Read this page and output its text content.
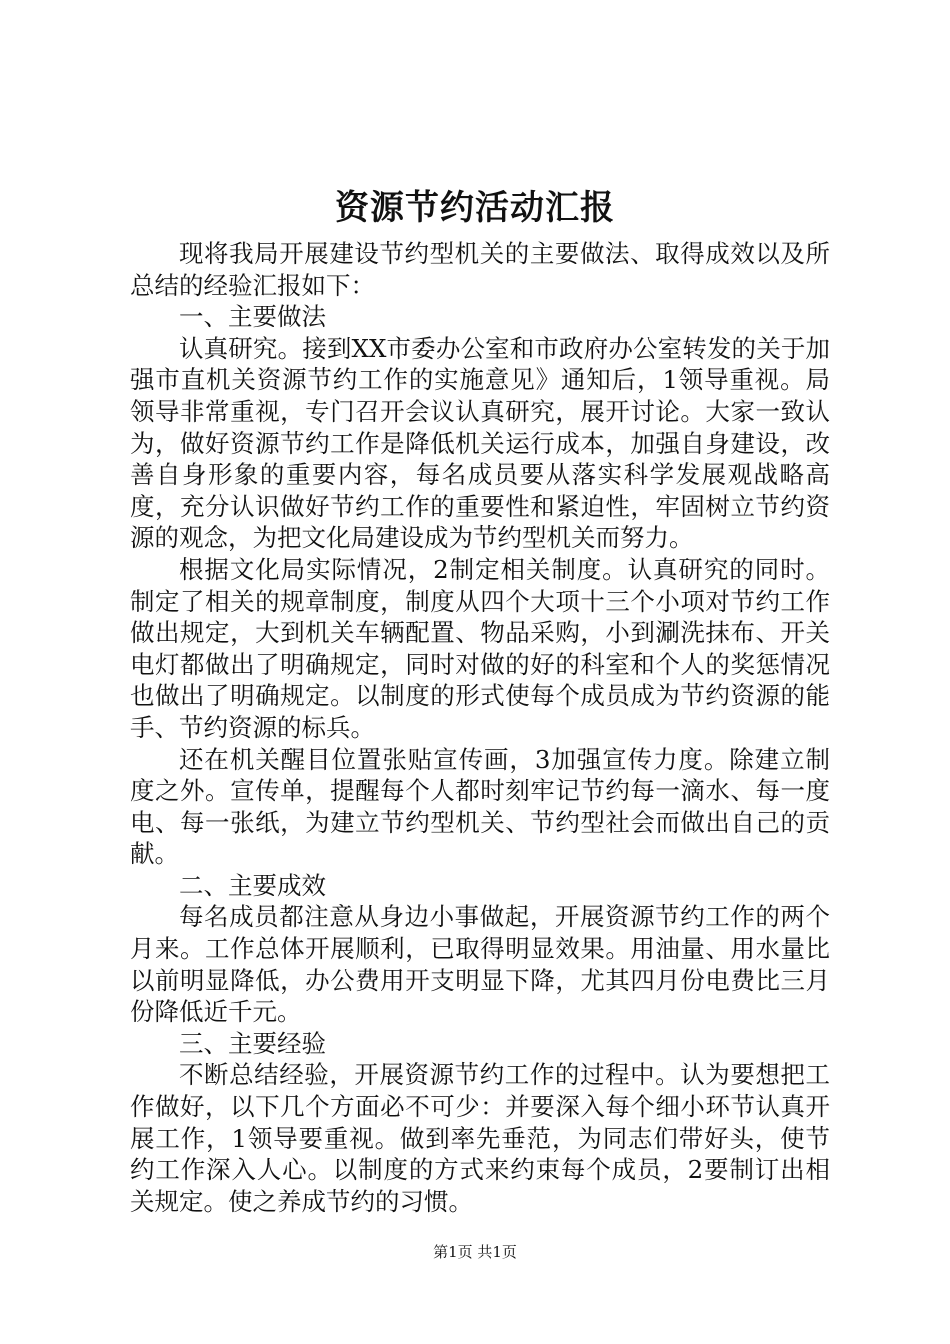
资源节约活动汇报

现将我局开展建设节约型机关的主要做法、取得成效以及所总结的经验汇报如下：

一、主要做法

认真研究。接到XX市委办公室和市政府办公室转发的关于加强市直机关资源节约工作的实施意见》通知后，1领导重视。局领导非常重视，专门召开会议认真研究，展开讨论。大家一致认为，做好资源节约工作是降低机关运行成本，加强自身建设，改善自身形象的重要内容，每名成员要从落实科学发展观战略高度，充分认识做好节约工作的重要性和紧迫性，牢固树立节约资源的观念，为把文化局建设成为节约型机关而努力。

根据文化局实际情况，2制定相关制度。认真研究的同时。制定了相关的规章制度，制度从四个大项十三个小项对节约工作做出规定，大到机关车辆配置、物品采购，小到涮洗抹布、开关电灯都做出了明确规定，同时对做的好的科室和个人的奖惩情况也做出了明确规定。以制度的形式使每个成员成为节约资源的能手、节约资源的标兵。

还在机关醒目位置张贴宣传画，3加强宣传力度。除建立制度之外。宣传单，提醒每个人都时刻牢记节约每一滴水、每一度电、每一张纸，为建立节约型机关、节约型社会而做出自己的贡献。

二、主要成效

每名成员都注意从身边小事做起，开展资源节约工作的两个月来。工作总体开展顺利，已取得明显效果。用油量、用水量比以前明显降低，办公费用开支明显下降，尤其四月份电费比三月份降低近千元。

三、主要经验

不断总结经验，开展资源节约工作的过程中。认为要想把工作做好，以下几个方面必不可少：并要深入每个细小环节认真开展工作，1领导要重视。做到率先垂范，为同志们带好头，使节约工作深入人心。以制度的方式来约束每个成员，2要制订出相关规定。使之养成节约的习惯。

第1页 共1页
